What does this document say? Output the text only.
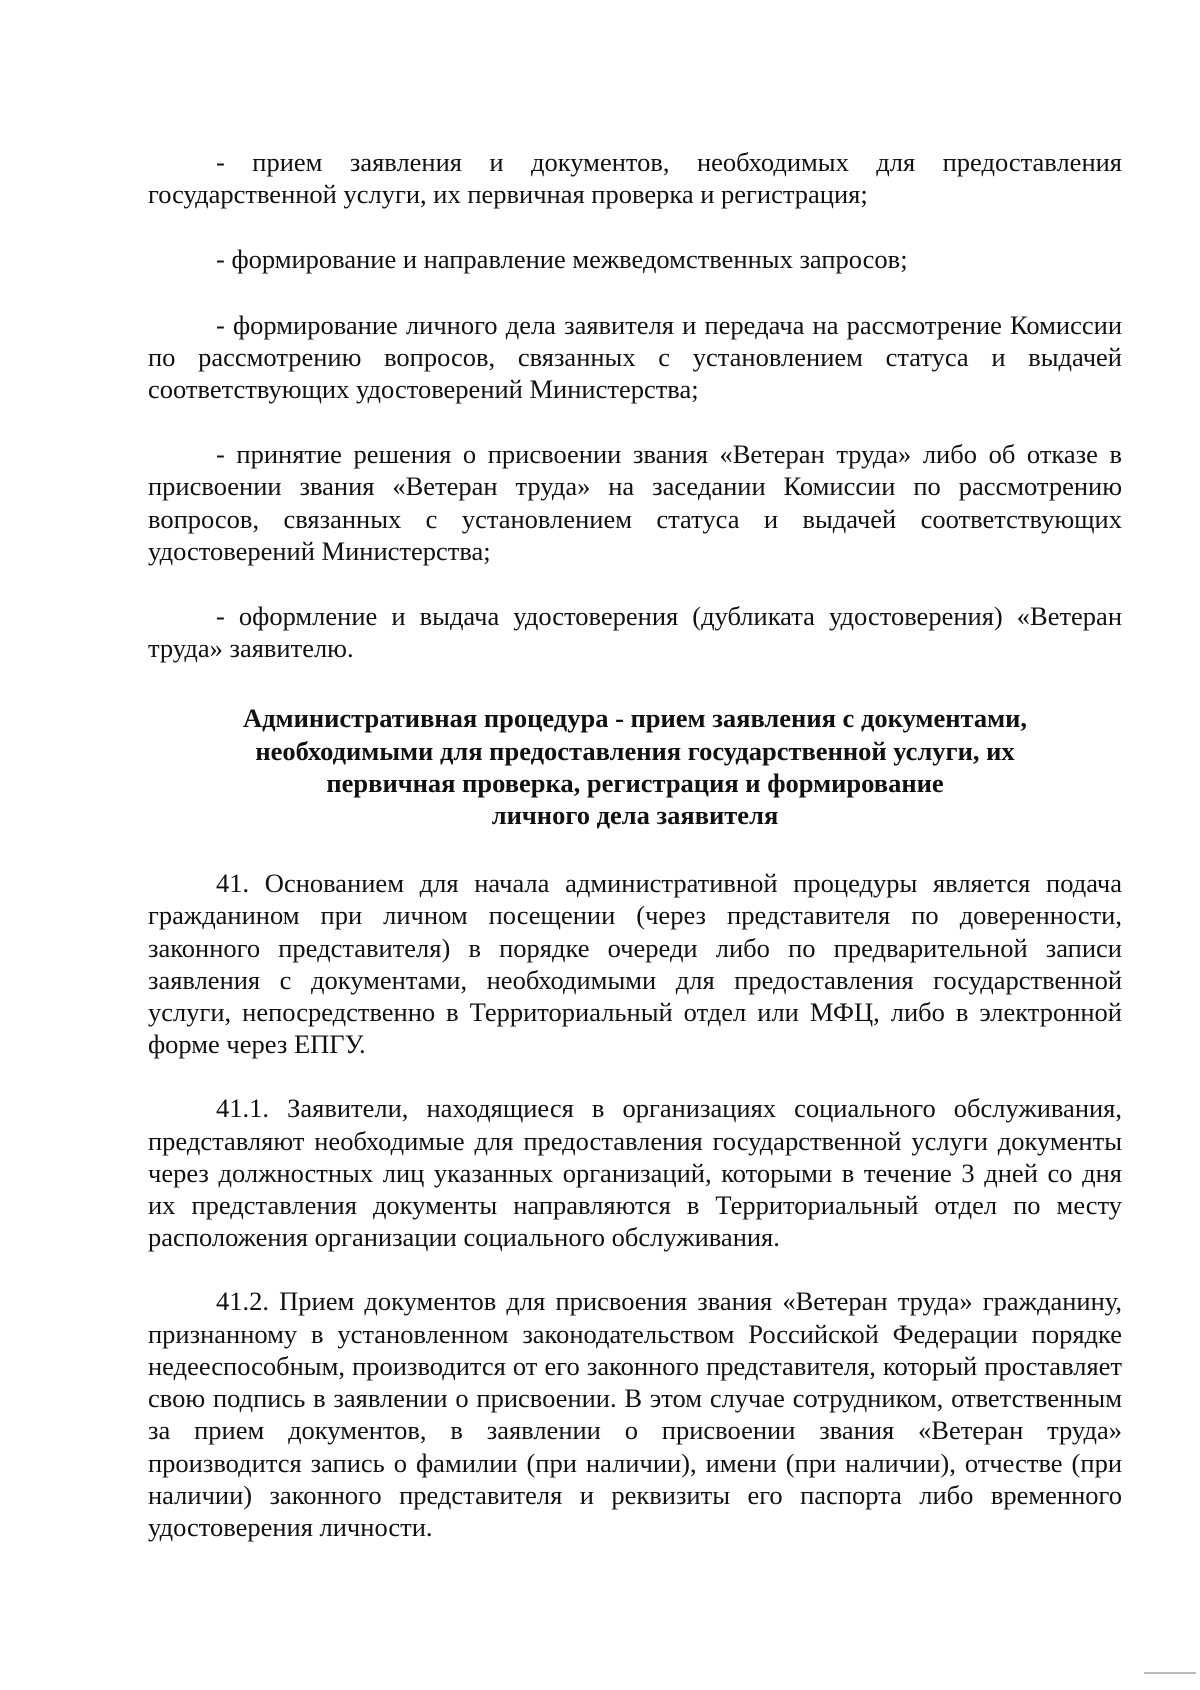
- прием заявления и документов, необходимых для предоставления государственной услуги, их первичная проверка и регистрация;

- формирование и направление межведомственных запросов;

- формирование личного дела заявителя и передача на рассмотрение Комиссии по рассмотрению вопросов, связанных с установлением статуса и выдачей соответствующих удостоверений Министерства;

- принятие решения о присвоении звания «Ветеран труда» либо об отказе в присвоении звания «Ветеран труда» на заседании Комиссии по рассмотрению вопросов, связанных с установлением статуса и выдачей соответствующих удостоверений Министерства;

- оформление и выдача удостоверения (дубликата удостоверения) «Ветеран труда» заявителю.

Административная процедура - прием заявления с документами,
необходимыми для предоставления государственной услуги, их
первичная проверка, регистрация и формирование
личного дела заявителя

41. Основанием для начала административной процедуры является подача гражданином при личном посещении (через представителя по доверенности, законного представителя) в порядке очереди либо по предварительной записи заявления с документами, необходимыми для предоставления государственной услуги, непосредственно в Территориальный отдел или МФЦ, либо в электронной форме через ЕПГУ.

41.1. Заявители, находящиеся в организациях социального обслуживания, представляют необходимые для предоставления государственной услуги документы через должностных лиц указанных организаций, которыми в течение 3 дней со дня их представления документы направляются в Территориальный отдел по месту расположения организации социального обслуживания.

41.2. Прием документов для присвоения звания «Ветеран труда» гражданину, признанному в установленном законодательством Российской Федерации порядке недееспособным, производится от его законного представителя, который проставляет свою подпись в заявлении о присвоении. В этом случае сотрудником, ответственным за прием документов, в заявлении о присвоении звания «Ветеран труда» производится запись о фамилии (при наличии), имени (при наличии), отчестве (при наличии) законного представителя и реквизиты его паспорта либо временного удостоверения личности.
